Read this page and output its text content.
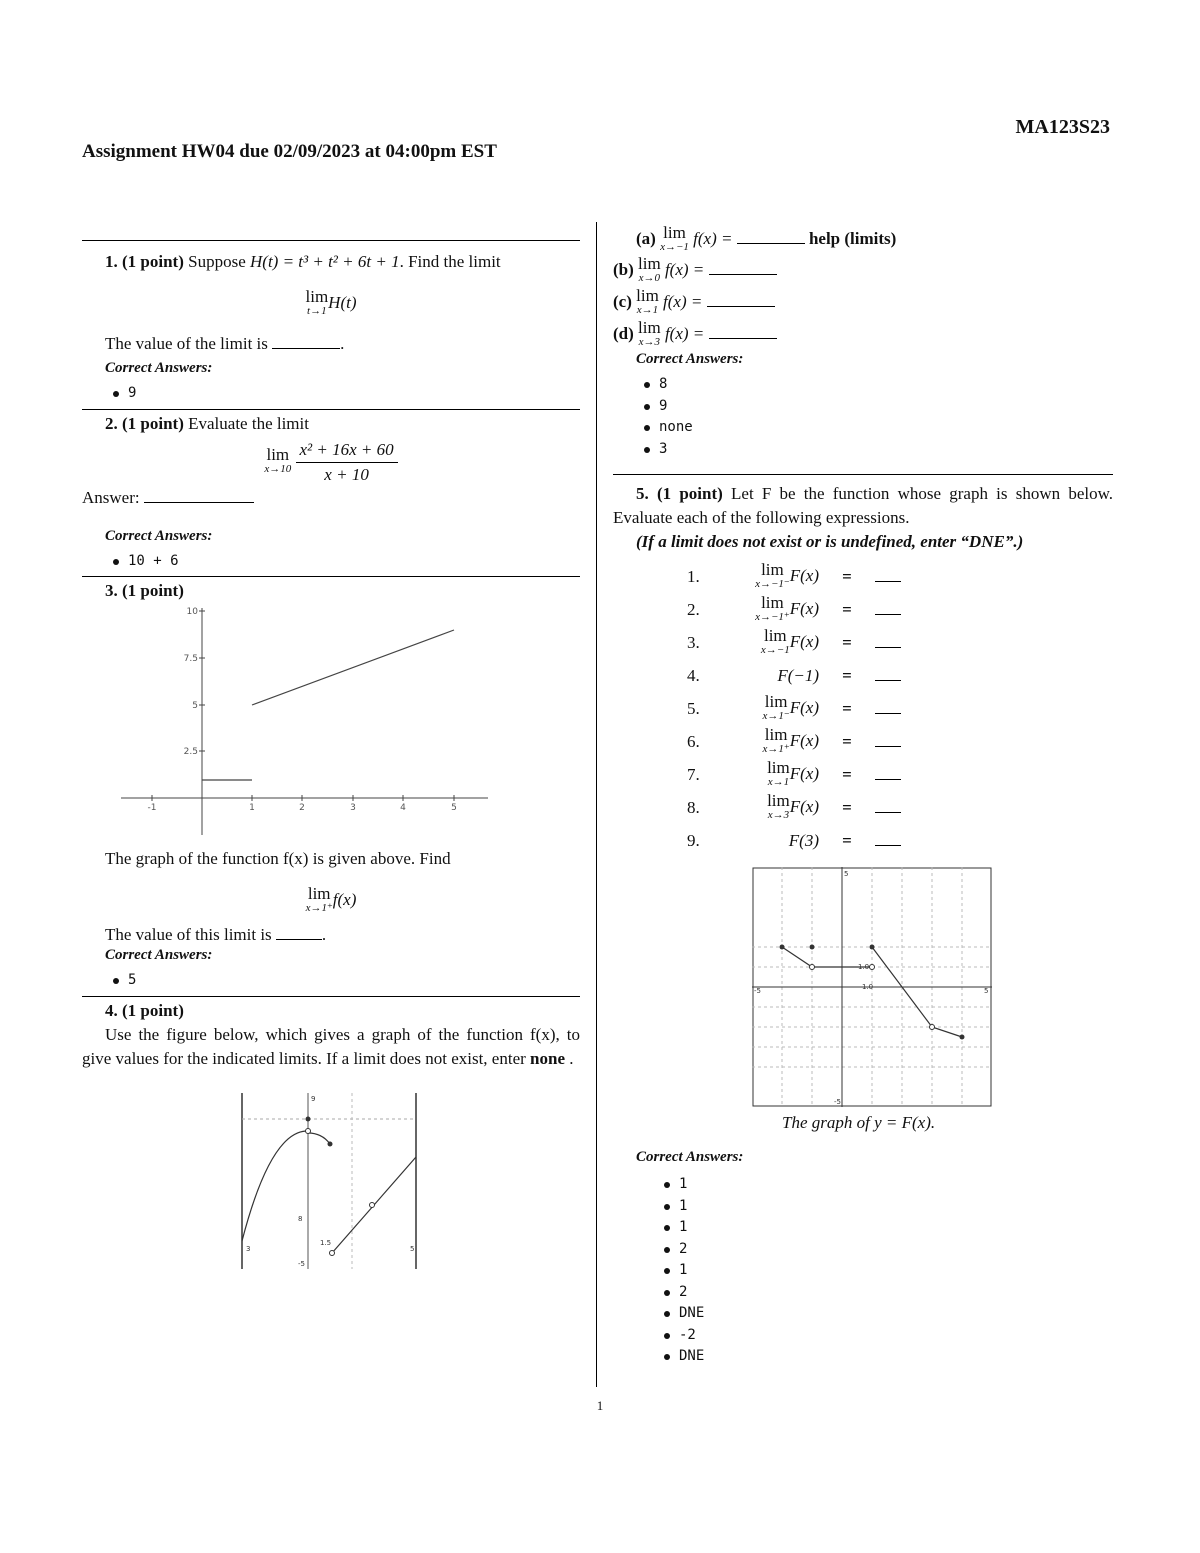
MA123S23
Assignment HW04 due 02/09/2023 at 04:00pm EST

1. (1 point) Suppose H(t) = t³ + t² + 6t + 1. Find the limit

lim
t→1 H(t)

The value of the limit is	.

Correct Answers:

9

2. (1 point) Evaluate the limit

lim
x→10
$\frac{\text{x² + 16x + 60}}{x + 10}$

Answer:

Correct Answers:

10 + 6

3. (1 point)

-1	1	2	3	4	5
10
7.5
5
2.5

The graph of the function f(x) is given above. Find

lim
x→1⁺ f(x)

The value of this limit is	.

Correct Answers:

5

4. (1 point)

Use the figure below, which gives a graph of the function f(x), to give values for the indicated limits. If a limit does not exist, enter none .

9
3
8
1.5
-5
5

(a) lim
x→−1 f(x) =	help (limits)

(b) lim
x→0 f(x) =

(c) lim
x→1 f(x) =

(d) lim
x→3 f(x) =

Correct Answers:

8
9
none
3

5. (1 point) Let F be the function whose graph is shown below. Evaluate each of the following expressions.

(If a limit does not exist or is undefined, enter “DNE”.)

1.	lim
x→−1⁻ F(x)	=	
2.	lim
x→−1⁺ F(x)	=	
3.	lim
x→−1 F(x)	=	
4.	F(−1)	=	
5.	lim
x→1⁻ F(x)	=	
6.	lim
x→1⁺ F(x)	=	
7.	lim
x→1 F(x)	=	
8.	lim
x→3 F(x)	=	
9.	F(3)	=	
5
-5
1.0
1.0
-5	5

The graph of y = F(x).

Correct Answers:

1
1
1
2
1
2
DNE
-2
DNE
1
